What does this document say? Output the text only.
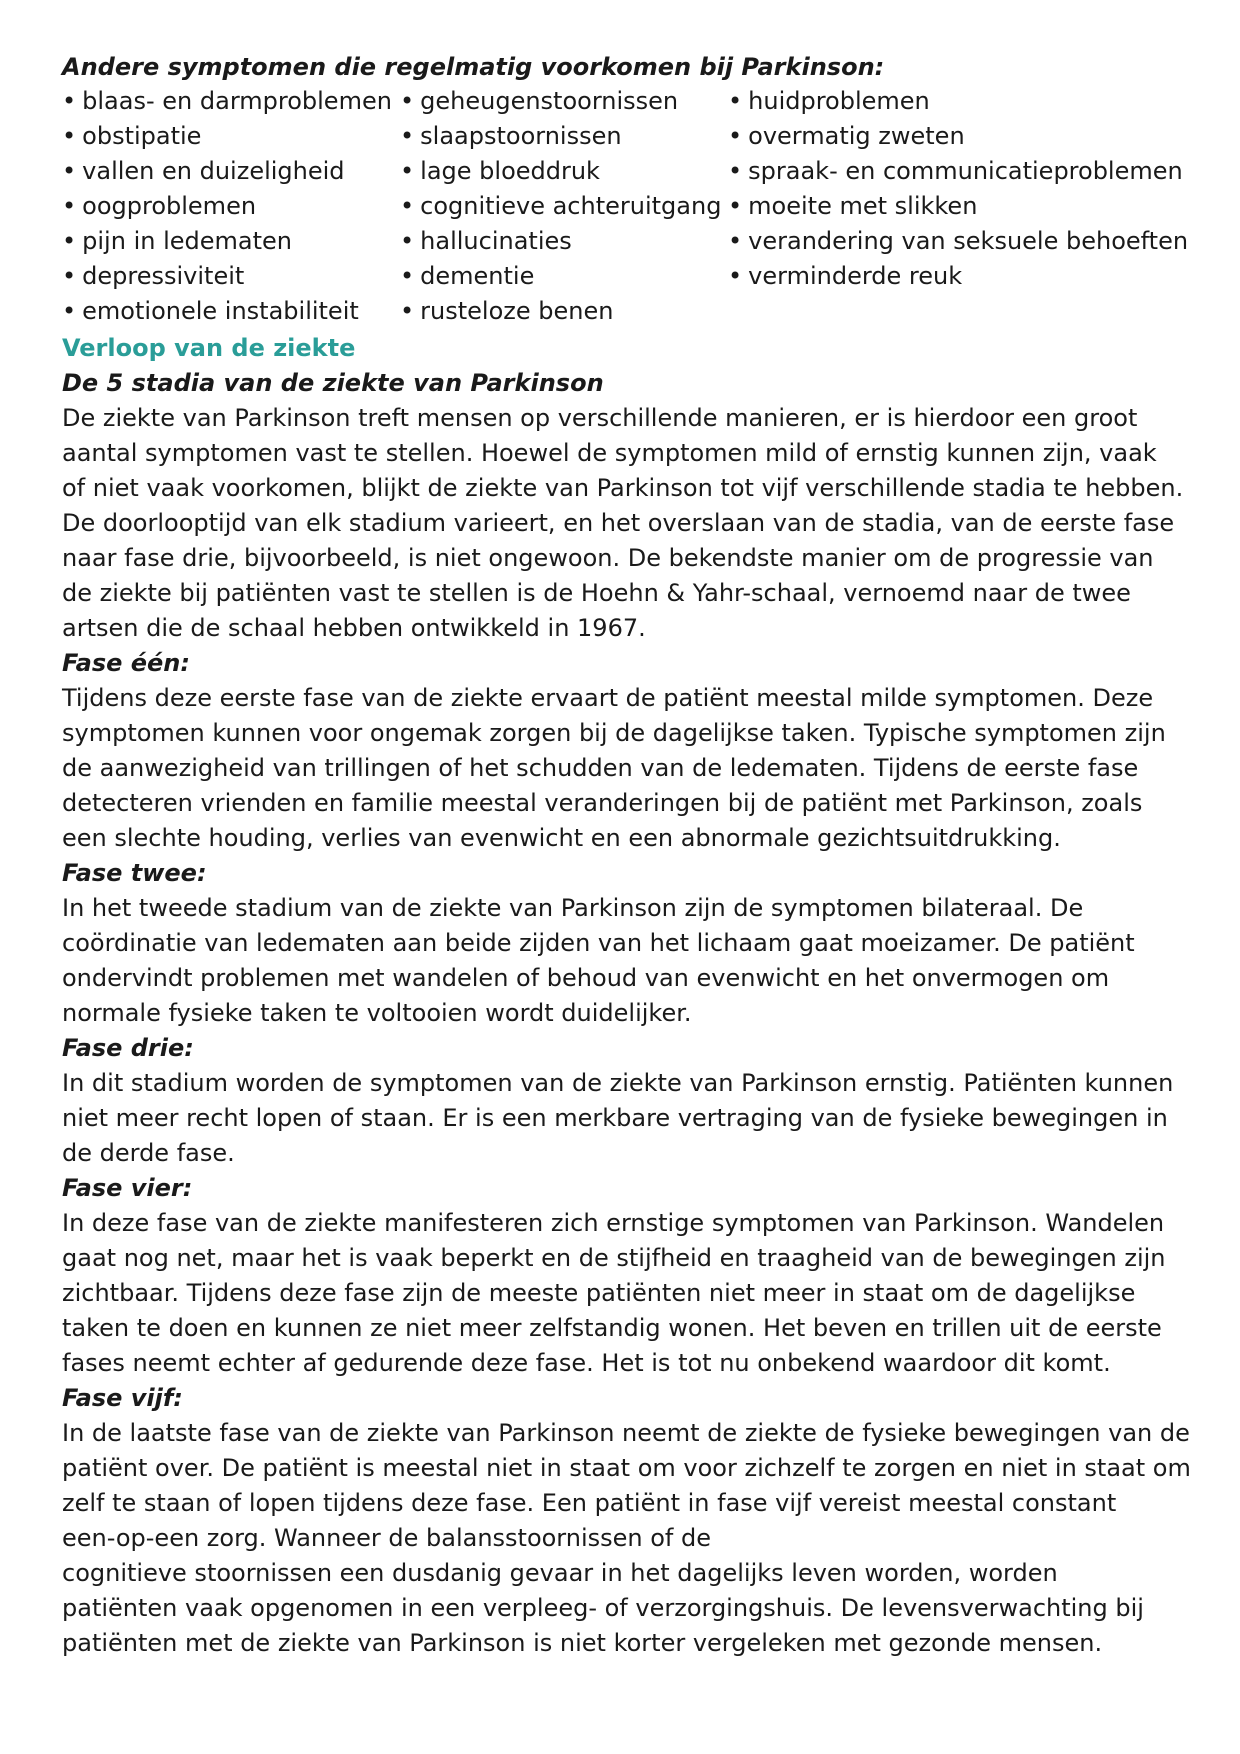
Andere symptomen die regelmatig voorkomen bij Parkinson:
• blaas- en darmproblemen
• obstipatie
• vallen en duizeligheid
• oogproblemen
• pijn in ledematen
• depressiviteit
• emotionele instabiliteit
• geheugenstoornissen
• slaapstoornissen
• lage bloeddruk
• cognitieve achteruitgang
• hallucinaties
• dementie
• rusteloze benen
• huidproblemen
• overmatig zweten
• spraak- en communicatieproblemen
• moeite met slikken
• verandering van seksuele behoeften
• verminderde reuk
Verloop van de ziekte
De 5 stadia van de ziekte van Parkinson

De ziekte van Parkinson treft mensen op verschillende manieren, er is hierdoor een groot
aantal symptomen vast te stellen. Hoewel de symptomen mild of ernstig kunnen zijn, vaak
of niet vaak voorkomen, blijkt de ziekte van Parkinson tot vijf verschillende stadia te hebben.
De doorlooptijd van elk stadium varieert, en het overslaan van de stadia, van de eerste fase
naar fase drie, bijvoorbeeld, is niet ongewoon. De bekendste manier om de progressie van
de ziekte bij patiënten vast te stellen is de Hoehn & Yahr-schaal, vernoemd naar de twee
artsen die de schaal hebben ontwikkeld in 1967.

Fase één:

Tijdens deze eerste fase van de ziekte ervaart de patiënt meestal milde symptomen. Deze
symptomen kunnen voor ongemak zorgen bij de dagelijkse taken. Typische symptomen zijn
de aanwezigheid van trillingen of het schudden van de ledematen. Tijdens de eerste fase
detecteren vrienden en familie meestal veranderingen bij de patiënt met Parkinson, zoals
een slechte houding, verlies van evenwicht en een abnormale gezichtsuitdrukking.

Fase twee:

In het tweede stadium van de ziekte van Parkinson zijn de symptomen bilateraal. De
coördinatie van ledematen aan beide zijden van het lichaam gaat moeizamer. De patiënt
ondervindt problemen met wandelen of behoud van evenwicht en het onvermogen om
normale fysieke taken te voltooien wordt duidelijker.

Fase drie:

In dit stadium worden de symptomen van de ziekte van Parkinson ernstig. Patiënten kunnen
niet meer recht lopen of staan. Er is een merkbare vertraging van de fysieke bewegingen in
de derde fase.

Fase vier:

In deze fase van de ziekte manifesteren zich ernstige symptomen van Parkinson. Wandelen
gaat nog net, maar het is vaak beperkt en de stijfheid en traagheid van de bewegingen zijn
zichtbaar. Tijdens deze fase zijn de meeste patiënten niet meer in staat om de dagelijkse
taken te doen en kunnen ze niet meer zelfstandig wonen. Het beven en trillen uit de eerste
fases neemt echter af gedurende deze fase. Het is tot nu onbekend waardoor dit komt.

Fase vijf:

In de laatste fase van de ziekte van Parkinson neemt de ziekte de fysieke bewegingen van de
patiënt over. De patiënt is meestal niet in staat om voor zichzelf te zorgen en niet in staat om
zelf te staan of lopen tijdens deze fase. Een patiënt in fase vijf vereist meestal constant
een-op-een zorg. Wanneer de balansstoornissen of de
cognitieve stoornissen een dusdanig gevaar in het dagelijks leven worden, worden
patiënten vaak opgenomen in een verpleeg- of verzorgingshuis. De levensverwachting bij
patiënten met de ziekte van Parkinson is niet korter vergeleken met gezonde mensen.
